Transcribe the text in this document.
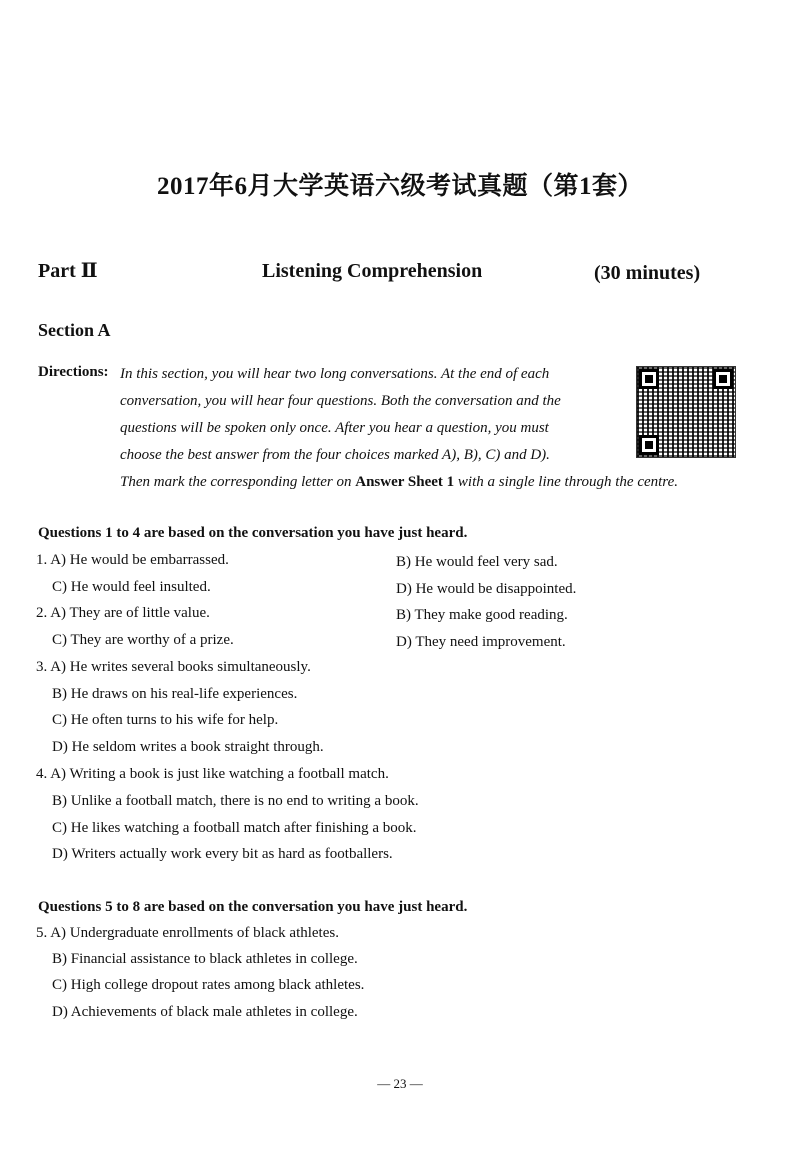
2017年6月大学英语六级考试真题（第1套）
Part Ⅱ	Listening Comprehension	(30 minutes)
Section A
Directions: In this section, you will hear two long conversations. At the end of each
conversation, you will hear four questions. Both the conversation and the
questions will be spoken only once. After you hear a question, you must
choose the best answer from the four choices marked A), B), C) and D).
Then mark the corresponding letter on Answer Sheet 1 with a single line through the centre.
Questions 1 to 4 are based on the conversation you have just heard.
1. A) He would be embarrassed.	B) He would feel very sad.
C) He would feel insulted.	D) He would be disappointed.
2. A) They are of little value.	B) They make good reading.
C) They are worthy of a prize.	D) They need improvement.
3. A) He writes several books simultaneously.
B) He draws on his real-life experiences.
C) He often turns to his wife for help.
D) He seldom writes a book straight through.
4. A) Writing a book is just like watching a football match.
B) Unlike a football match, there is no end to writing a book.
C) He likes watching a football match after finishing a book.
D) Writers actually work every bit as hard as footballers.
Questions 5 to 8 are based on the conversation you have just heard.
5. A) Undergraduate enrollments of black athletes.
B) Financial assistance to black athletes in college.
C) High college dropout rates among black athletes.
D) Achievements of black male athletes in college.
— 23 —
